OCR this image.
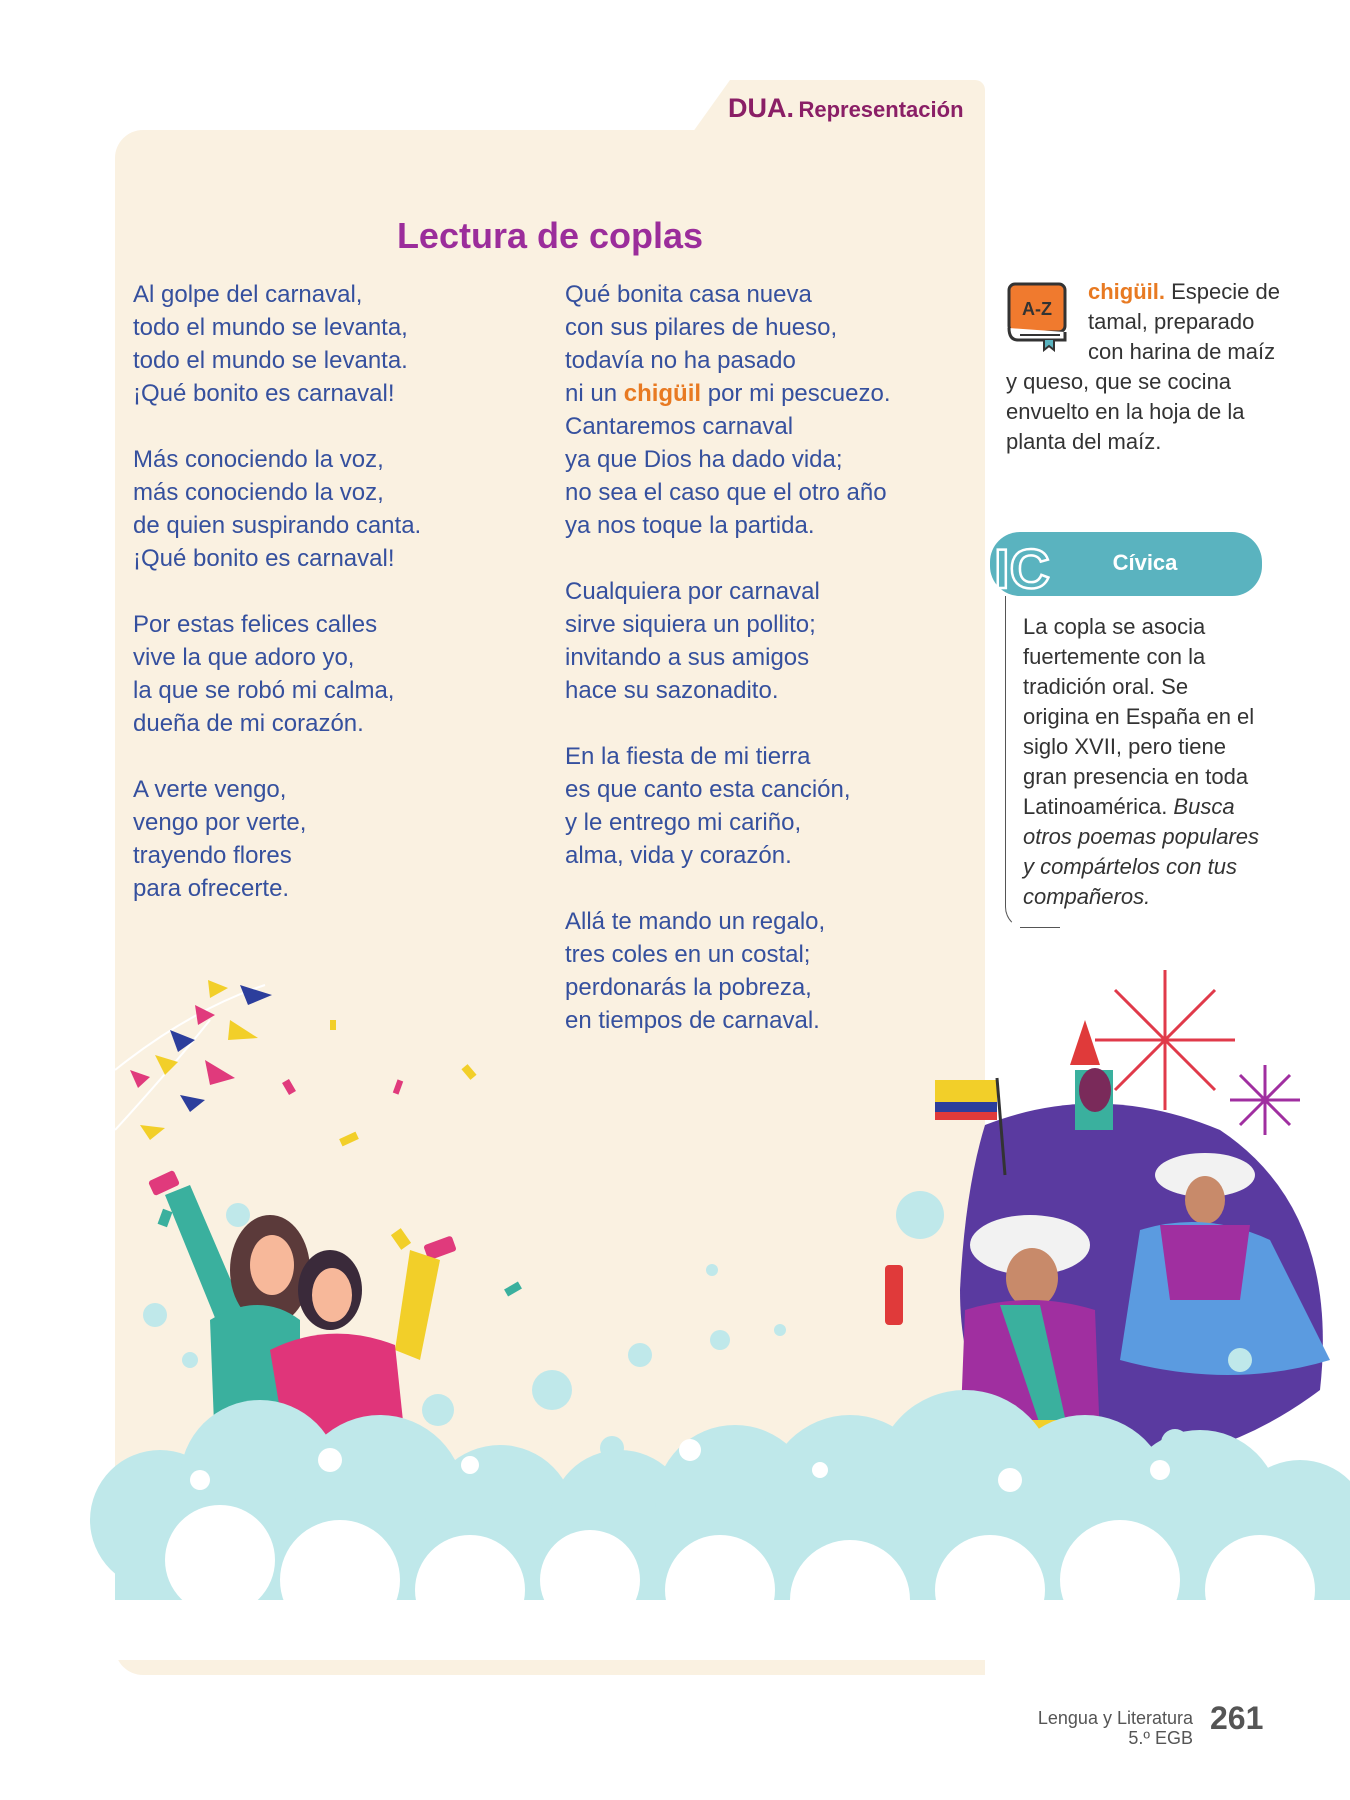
DUA. Representación
Lectura de coplas
Al golpe del carnaval,
todo el mundo se levanta,
todo el mundo se levanta.
¡Qué bonito es carnaval!
Más conociendo la voz,
más conociendo la voz,
de quien suspirando canta.
¡Qué bonito es carnaval!
Por estas felices calles
vive la que adoro yo,
la que se robó mi calma,
dueña de mi corazón.
A verte vengo,
vengo por verte,
trayendo flores
para ofrecerte.
Qué bonita casa nueva
con sus pilares de hueso,
todavía no ha pasado
ni un chigüil por mi pescuezo.
Cantaremos carnaval
ya que Dios ha dado vida;
no sea el caso que el otro año
ya nos toque la partida.
Cualquiera por carnaval
sirve siquiera un pollito;
invitando a sus amigos
hace su sazonadito.
En la fiesta de mi tierra
es que canto esta canción,
y le entrego mi cariño,
alma, vida y corazón.
Allá te mando un regalo,
tres coles en un costal;
perdonarás la pobreza,
en tiempos de carnaval.
A-Z
chigüil. Especie de
tamal, preparado
con harina de maíz
y queso, que se cocina
envuelto en la hoja de la
planta del maíz.
IC	Cívica
La copla se asocia
fuertemente con la
tradición oral. Se
origina en España en el
siglo XVII, pero tiene
gran presencia en toda
Latinoamérica. Busca
otros poemas populares
y compártelos con tus
compañeros.
Lengua y Literatura
5.º EGB
261
